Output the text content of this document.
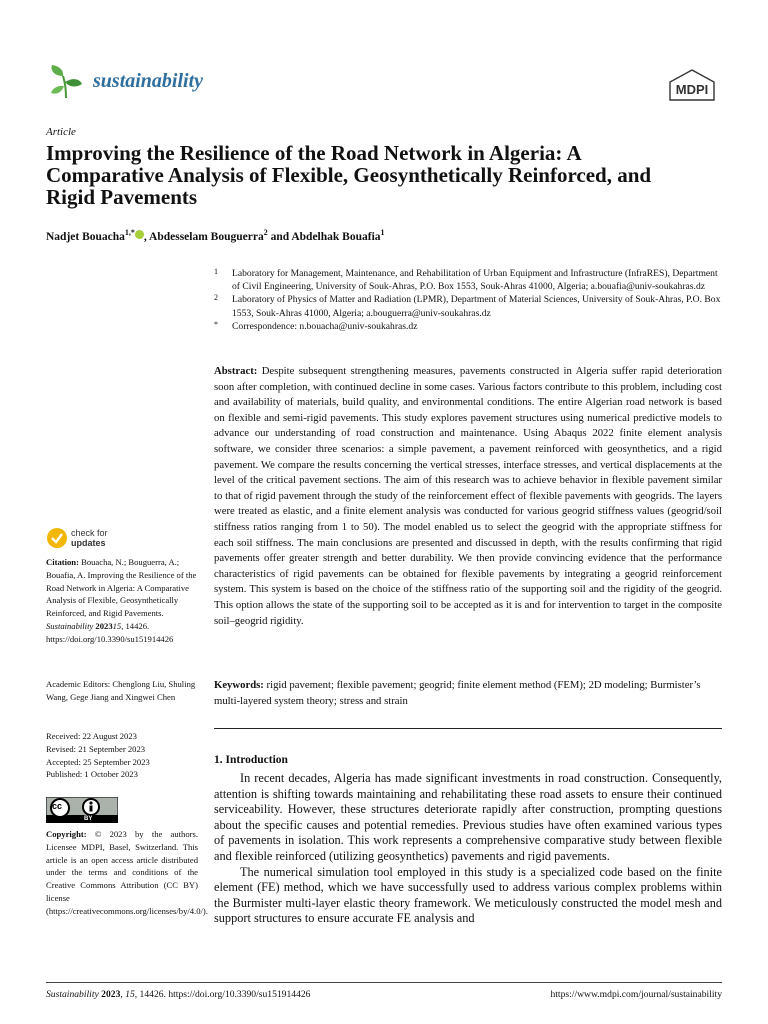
sustainability	MDPI
Article
Improving the Resilience of the Road Network in Algeria: A Comparative Analysis of Flexible, Geosynthetically Reinforced, and Rigid Pavements
Nadjet Bouacha$^{1,*}$ , Abdesselam Bouguerra$^2$ and Abdelhak Bouafia$^1$
1 Laboratory for Management, Maintenance, and Rehabilitation of Urban Equipment and Infrastructure (InfraRES), Department of Civil Engineering, University of Souk-Ahras, P.O. Box 1553, Souk-Ahras 41000, Algeria; a.bouafia@univ-soukahras.dz
2 Laboratory of Physics of Matter and Radiation (LPMR), Department of Material Sciences, University of Souk-Ahras, P.O. Box 1553, Souk-Ahras 41000, Algeria; a.bouguerra@univ-soukahras.dz
* Correspondence: n.bouacha@univ-soukahras.dz
Abstract: Despite subsequent strengthening measures, pavements constructed in Algeria suffer rapid deterioration soon after completion, with continued decline in some cases. Various factors contribute to this problem, including cost and availability of materials, build quality, and environmental conditions. The entire Algerian road network is based on flexible and semi-rigid pavements. This study explores pavement structures using numerical predictive models to advance our understanding of road construction and maintenance. Using Abaqus 2022 finite element analysis software, we consider three scenarios: a simple pavement, a pavement reinforced with geosynthetics, and a rigid pavement. We compare the results concerning the vertical stresses, interface stresses, and vertical displacements at the level of the critical pavement sections. The aim of this research was to achieve behavior in flexible pavement similar to that of rigid pavement through the study of the reinforcement effect of flexible pavements with geogrids. The layers were treated as elastic, and a finite element analysis was conducted for various geogrid stiffness values (geogrid/soil stiffness ratios ranging from 1 to 50). The model enabled us to select the geogrid with the appropriate stiffness for each soil stiffness. The main conclusions are presented and discussed in depth, with the results confirming that rigid pavements offer greater strength and better durability. We then provide convincing evidence that the performance characteristics of rigid pavements can be obtained for flexible pavements by integrating a geogrid reinforcement system. This system is based on the choice of the stiffness ratio of the supporting soil and the rigidity of the geogrid. This option allows the state of the supporting soil to be accepted as it is and for intervention to target in the composite soil–geogrid rigidity.
Keywords: rigid pavement; flexible pavement; geogrid; finite element method (FEM); 2D modeling; Burmister’s multi-layered system theory; stress and strain
check for
updates
Citation: Bouacha, N.; Bouguerra, A.; Bouafia, A. Improving the Resilience of the Road Network in Algeria: A Comparative Analysis of Flexible, Geosynthetically Reinforced, and Rigid Pavements. Sustainability 202315, 14426. https://doi.org/10.3390/su151914426
Academic Editors: Chenglong Liu, Shuling Wang, Gege Jiang and Xingwei Chen
Received: 22 August 2023
Revised: 21 September 2023
Accepted: 25 September 2023
Published: 1 October 2023
BY
cc
Copyright: © 2023 by the authors. Licensee MDPI, Basel, Switzerland. This article is an open access article distributed under the terms and conditions of the Creative Commons Attribution (CC BY) license (https://creativecommons.org/licenses/by/4.0/).
1. Introduction

In recent decades, Algeria has made significant investments in road construction. Consequently, attention is shifting towards maintaining and rehabilitating these road assets to ensure their continued serviceability. However, these structures deteriorate rapidly after construction, prompting questions about the specific causes and potential remedies. Previous studies have often examined various types of pavements in isolation. This work represents a comprehensive comparative study between flexible and flexible reinforced (utilizing geosynthetics) pavements and rigid pavements.

The numerical simulation tool employed in this study is a specialized code based on the finite element (FE) method, which we have successfully used to address various complex problems within the Burmister multi-layer elastic theory framework. We meticulously constructed the model mesh and support structures to ensure accurate FE analysis and

Sustainability 2023, 15, 14426. https://doi.org/10.3390/su151914426	https://www.mdpi.com/journal/sustainability
